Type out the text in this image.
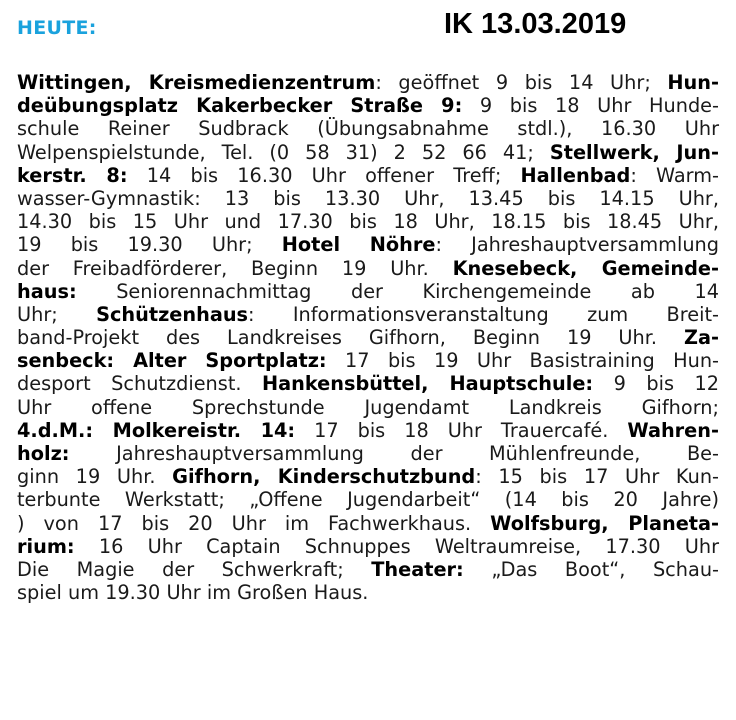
HEUTE:	IK 13.03.2019
Wittingen, Kreismedienzentrum: geöffnet 9 bis 14 Uhr; Hun-
deübungsplatz Kakerbecker Straße 9: 9 bis 18 Uhr Hunde-
schule Reiner Sudbrack (Übungsabnahme stdl.), 16.30 Uhr
Welpenspielstunde, Tel. (0 58 31) 2 52 66 41; Stellwerk, Jun-
kerstr. 8: 14 bis 16.30 Uhr offener Treff; Hallenbad: Warm-
wasser-Gymnastik: 13 bis 13.30 Uhr, 13.45 bis 14.15 Uhr,
14.30 bis 15 Uhr und 17.30 bis 18 Uhr, 18.15 bis 18.45 Uhr,
19 bis 19.30 Uhr; Hotel Nöhre: Jahreshauptversammlung
der Freibadförderer, Beginn 19 Uhr. Knesebeck, Gemeinde-
haus: Seniorennachmittag der Kirchengemeinde ab 14
Uhr; Schützenhaus: Informationsveranstaltung zum Breit-
band-Projekt des Landkreises Gifhorn, Beginn 19 Uhr. Za-
senbeck: Alter Sportplatz: 17 bis 19 Uhr Basistraining Hun-
desport Schutzdienst. Hankensbüttel, Hauptschule: 9 bis 12
Uhr offene Sprechstunde Jugendamt Landkreis Gifhorn;
4.d.M.: Molkereistr. 14: 17 bis 18 Uhr Trauercafé. Wahren-
holz: Jahreshauptversammlung der Mühlenfreunde, Be-
ginn 19 Uhr. Gifhorn, Kinderschutzbund: 15 bis 17 Uhr Kun-
terbunte Werkstatt; „Offene Jugendarbeit“ (14 bis 20 Jahre)
) von 17 bis 20 Uhr im Fachwerkhaus. Wolfsburg, Planeta-
rium: 16 Uhr Captain Schnuppes Weltraumreise, 17.30 Uhr
Die Magie der Schwerkraft; Theater: „Das Boot“, Schau-
spiel um 19.30 Uhr im Großen Haus.
